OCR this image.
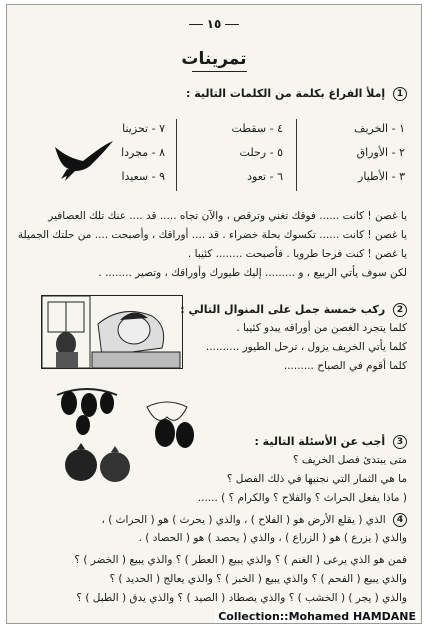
١٥
تمرينات
1 إملأ الفراغ بكلمة من الكلمات التالية :
١ - الخريف
٢ - الأوراق
٣ - الأطيار
٤ - سقطت
٥ - رحلت
٦ - تعود
٧ - تحزينا
٨ - مجردا
٩ - سعيدا
يا غصن ! كانت ...... فوقك تغني وترقص ، والآن تجاه ..... قد .... عنك تلك العصافير
يا غصن ! كانت ...... تكسوك بحلة خضراء . قد .... أوراقك ، وأصبحت .... من حلتك الجميلة
يا غصن ! كنت فرحا طروبا . فأصبحت ........ كئيبا .
لكن سوف يأتي الربيع ، و ......... إليك طيورك وأوراقك ، وتصير ........ .
2 ركب خمسة جمل على المنوال التالي :
كلما يتجرد الغصن من أوراقه يبدو كئيبا .
كلما يأتي الخريف يزول ، ترحل الطيور ..........
كلما أقوم في الصباح .........
3 أجب عن الأسئلة التالية :
متى يبتدئ فصل الخريف ؟
ما هي الثمار التي نجنيها في ذلك الفصل ؟
( ماذا يفعل الحراث ؟ والفلاح ؟ والكرام ؟ ) ......
4 الذي ( يقلع الأرض هو ( الفلاح ) ، والذي ( يحرث ) هو ( الحراث ) ،
والذي ( يزرع ) هو ( الزراع ) ، والذي ( يحصد ) هو ( الحصاد ) .
فمن هو الذي يرعى ( الغنم ) ؟ والذي يبيع ( العطر ) ؟ والذي يبيع ( الخضر ) ؟
والذي يبيع ( الفحم ) ؟ والذي يبيع ( الخبز ) ؟ والذي يعالج ( الحديد ) ؟
والذي ( يجر ) ( الخشب ) ؟ والذي يصطاد ( الصيد ) ؟ والذي يدق ( الطبل ) ؟
Collection::Mohamed HAMDANE
